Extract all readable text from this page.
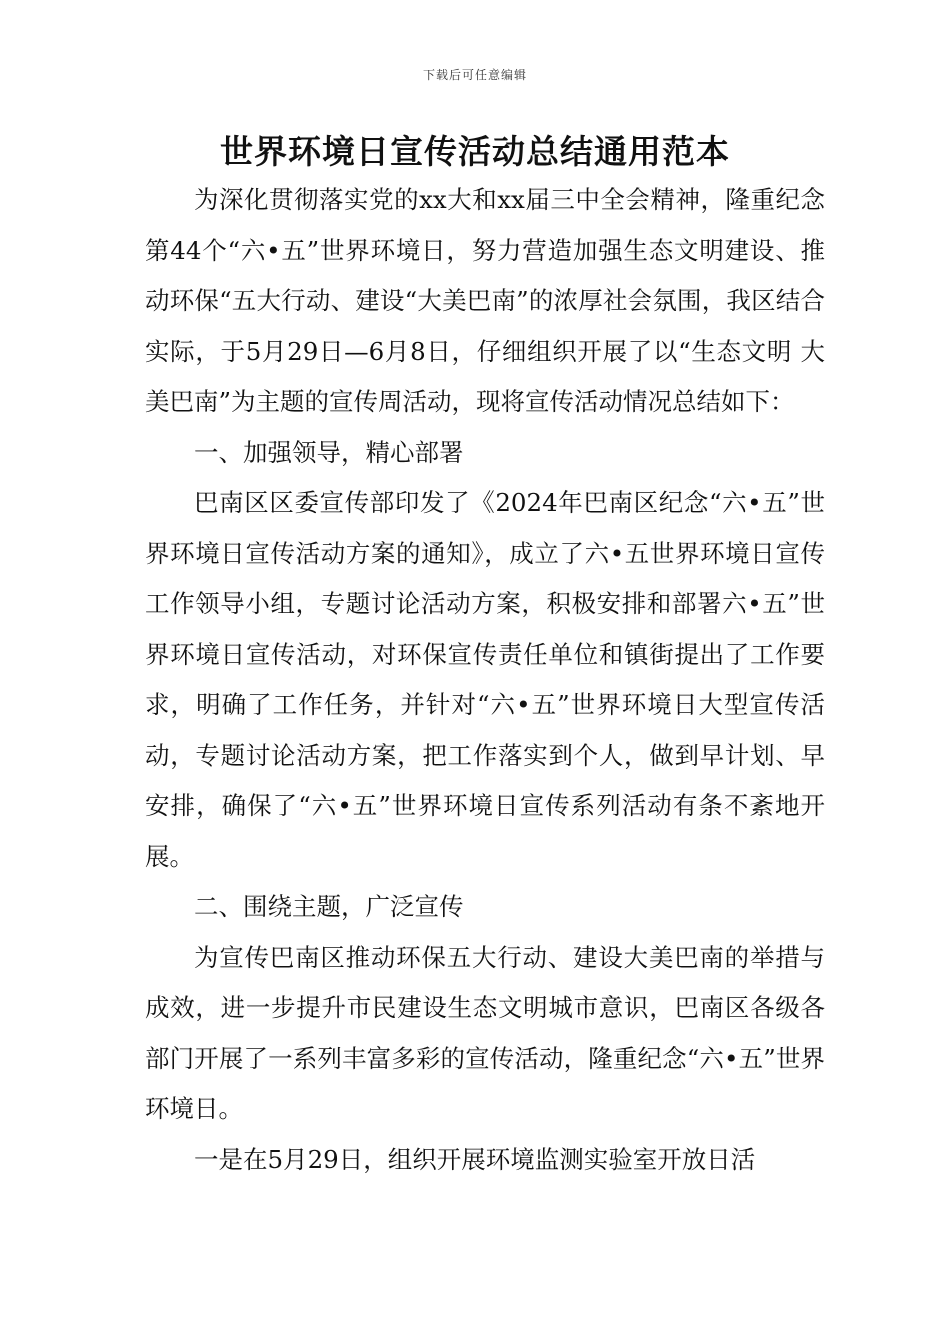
下载后可任意编辑
世界环境日宣传活动总结通用范本

为深化贯彻落实党的xx大和xx届三中全会精神，隆重纪念第44个“六•五”世界环境日，努力营造加强生态文明建设、推动环保“五大行动、建设“大美巴南”的浓厚社会氛围，我区结合实际，于5月29日—6月8日，仔细组织开展了以“生态文明 大美巴南”为主题的宣传周活动，现将宣传活动情况总结如下：

一、加强领导，精心部署

巴南区区委宣传部印发了《2024年巴南区纪念“六•五”世界环境日宣传活动方案的通知》，成立了六•五世界环境日宣传工作领导小组，专题讨论活动方案，积极安排和部署六•五”世界环境日宣传活动，对环保宣传责任单位和镇街提出了工作要求，明确了工作任务，并针对“六•五”世界环境日大型宣传活动，专题讨论活动方案，把工作落实到个人，做到早计划、早安排，确保了“六•五”世界环境日宣传系列活动有条不紊地开展。

二、围绕主题，广泛宣传

为宣传巴南区推动环保五大行动、建设大美巴南的举措与成效，进一步提升市民建设生态文明城市意识，巴南区各级各部门开展了一系列丰富多彩的宣传活动，隆重纪念“六•五”世界环境日。

一是在5月29日，组织开展环境监测实验室开放日活
